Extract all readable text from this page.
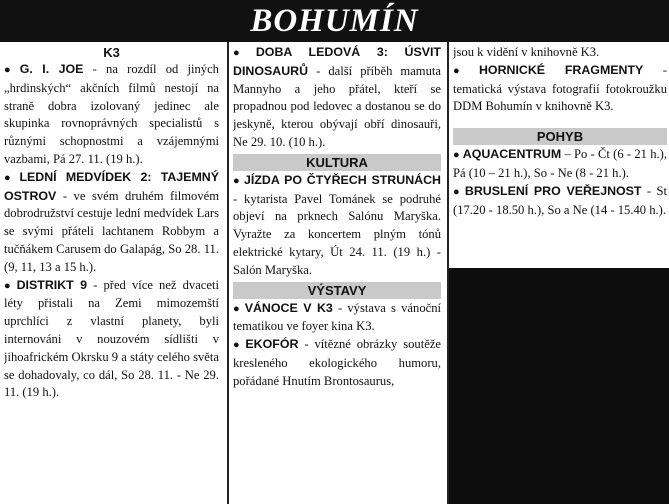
BOHUMÍN
K3

● G. I. JOE - na rozdíl od jiných „hrdinských“ akčních filmů nestojí na straně dobra izolovaný jedinec ale skupinka rovnoprávných specialistů s různými schopnostmi a vzájemnými vazbami, Pá 27. 11. (19 h.).

● LEDNÍ MEDVÍDEK 2: TAJEMNÝ OSTROV - ve svém druhém filmovém dobrodružství cestuje lední medvídek Lars se svými přáteli lachtanem Robbym a tučňákem Carusem do Galapág, So 28. 11. (9, 11, 13 a 15 h.).

● DISTRIKT 9 - před více než dvaceti léty přistali na Zemi mimozemští uprchlíci z vlastní planety, byli internováni v nouzovém sídlišti v jihoafrickém Okrsku 9 a státy celého světa se dohadovaly, co dál, So 28. 11. - Ne 29. 11. (19 h.).

● DOBA LEDOVÁ 3: ÚSVIT DINOSAURŮ - další příběh mamuta Mannyho a jeho přátel, kteří se propadnou pod ledovec a dostanou se do jeskyně, kterou obývají obří dinosauři, Ne 29. 10. (10 h.).

KULTURA

● JÍZDA PO ČTYŘECH STRUNÁCH - kytarista Pavel Tománek se podruhé objeví na prknech Salónu Maryška. Vyražte za koncertem plným tónů elektrické kytary, Út 24. 11. (19 h.) - Salón Maryška.

VÝSTAVY

● VÁNOCE V K3 - výstava s vánoční tematikou ve foyer kina K3.

● EKOFÓR - vítězné obrázky soutěže kresleného ekologického humoru, pořádané Hnutím Brontosaurus,

jsou k vidění v knihovně K3.

● HORNICKÉ FRAGMENTY - tematická výstava fotografií fotokroužku DDM Bohumín v knihovně K3.

POHYB

● AQUACENTRUM – Po - Čt (6 - 21 h.), Pá (10 – 21 h.), So - Ne (8 - 21 h.).

● BRUSLENÍ PRO VEŘEJNOST - St (17.20 - 18.50 h.), So a Ne (14 - 15.40 h.).
